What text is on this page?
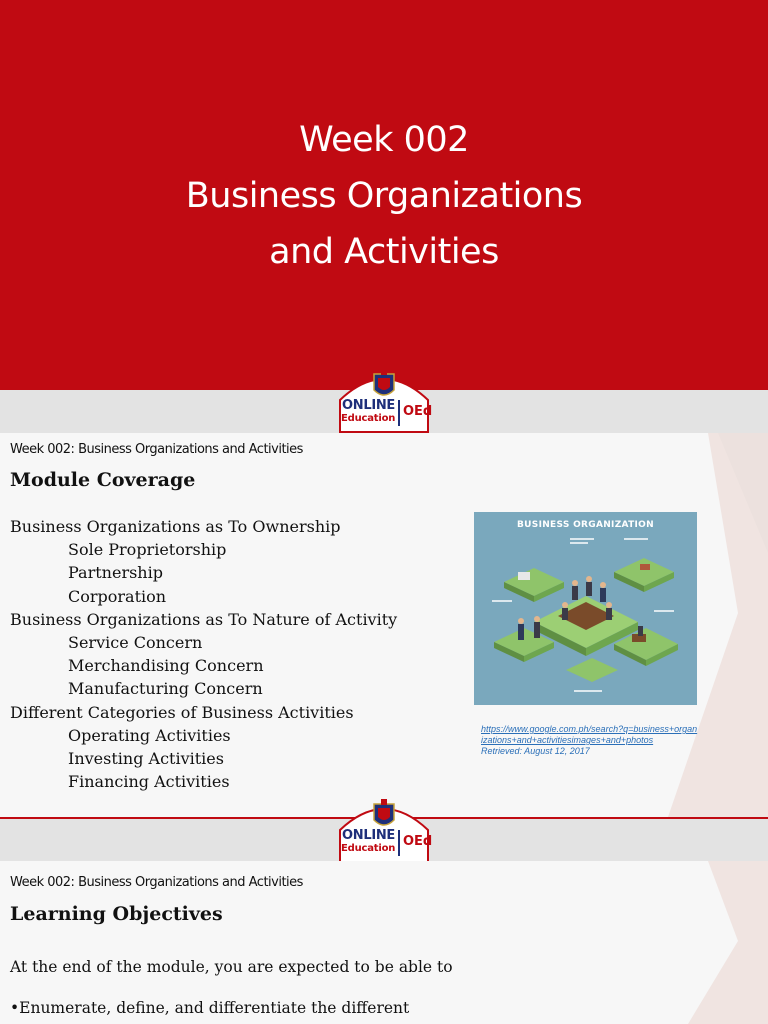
Week 002
Business Organizations
and Activities
ONLINE
Education OEd
Week 002: Business Organizations and Activities
Module Coverage
Business Organizations as To Ownership
Sole Proprietorship
Partnership
Corporation
Business Organizations as To Nature of Activity
Service Concern
Merchandising Concern
Manufacturing Concern
Different Categories of Business Activities
Operating Activities
Investing Activities
Financing Activities
BUSINESS ORGANIZATION
https://www.google.com.ph/search?q=business+organ
izations+and+activitiesimages+and+photos
Retrieved: August 12, 2017
ONLINE
Education OEd
Week 002: Business Organizations and Activities
Learning Objectives
At the end of the module, you are expected to be able to
•Enumerate, define, and differentiate the different
